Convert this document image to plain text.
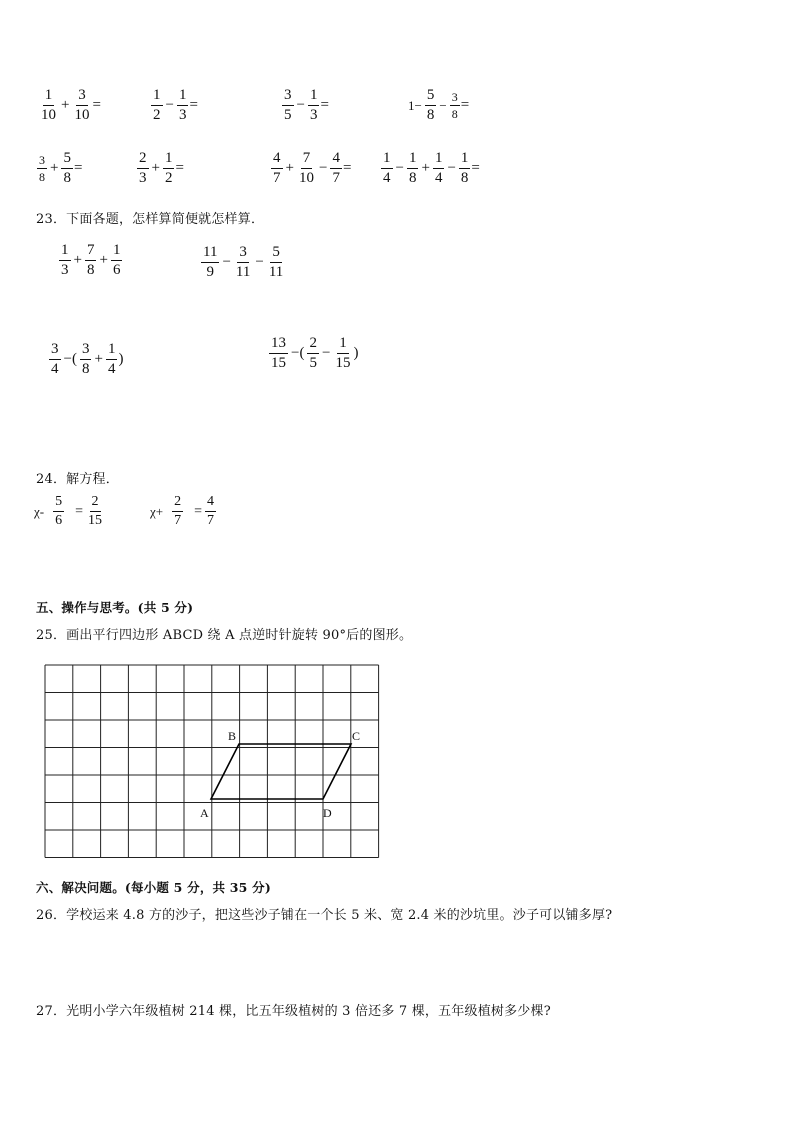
1
10
+ $\frac{3}{10}$ =
1
2
− $\frac{1}{3}$ =
3
5
− $\frac{1}{3}$ =	$1- \frac{5}{8} - \frac{3}{8}$ =
3
8
+ $\frac{5}{8}$ =
2
3
+ $\frac{1}{2}$ =
4
7
+ $\frac{7}{10} - \frac{4}{7}$ =
1
4
− $\frac{1}{8} + \frac{1}{4} - \frac{1}{8}$ =
23．下面各题，怎样算简便就怎样算．
1
3
+ $\frac{7}{8} + \frac{1}{6}$	11
9
− $\frac{3}{11} - \frac{5}{11}$
3
4
−(
3
8
+ $\frac{1}{4}$ )
13
15
−(
2
5
− $\frac{1}{15}$ )
24．解方程．
$\chi- \frac{5}{6} = \frac{2}{15}$	$\chi+ \frac{2}{7} = \frac{4}{7}$
五、操作与思考。(共 5 分)
25．画出平行四边形 ABCD 绕 A 点逆时针旋转 90°后的图形。
B	C
A	D
六、解决问题。(每小题 5 分，共 35 分)
26．学校运来 4.8 方的沙子，把这些沙子铺在一个长 5 米、宽 2.4 米的沙坑里。沙子可以铺多厚?
27．光明小学六年级植树 214 棵，比五年级植树的 3 倍还多 7 棵，五年级植树多少棵?
